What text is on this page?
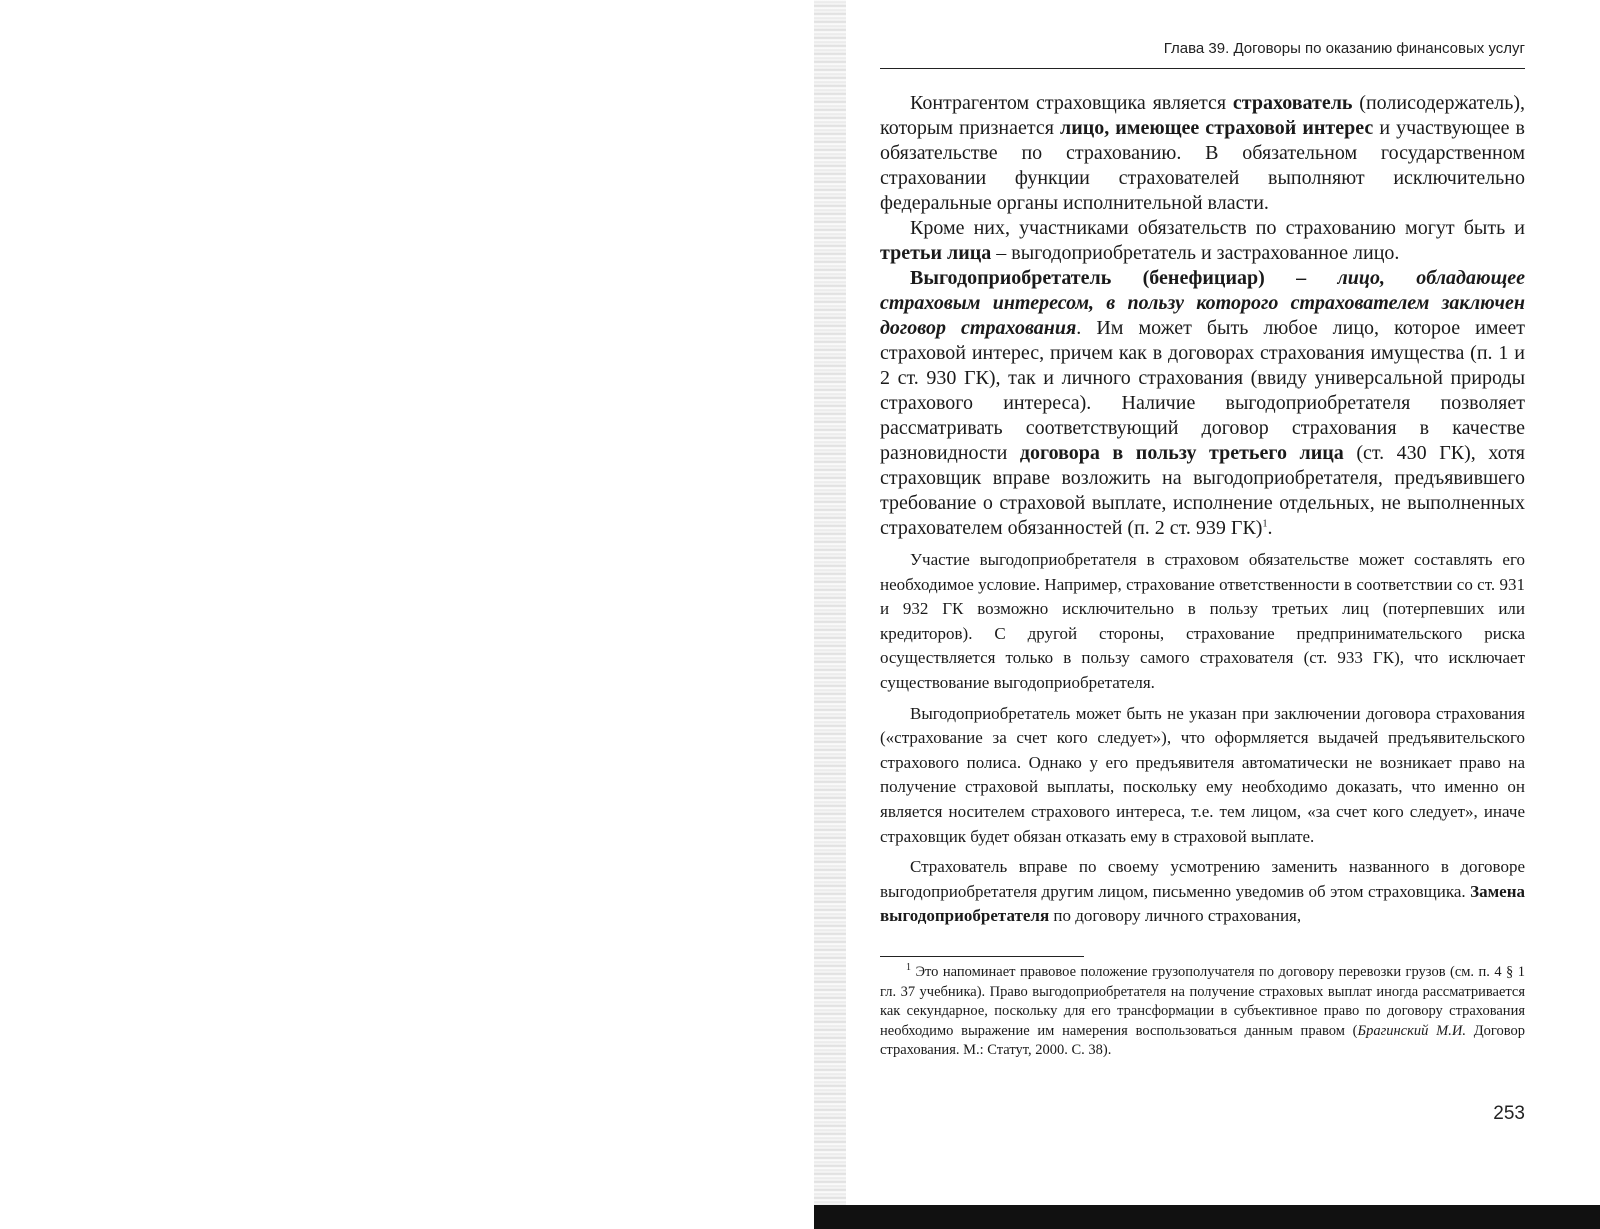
Глава 39. Договоры по оказанию финансовых услуг

Контрагентом страховщика является страхователь (полисодержатель), которым признается лицо, имеющее страховой интерес и участвующее в обязательстве по страхованию. В обязательном государственном страховании функции страхователей выполняют исключительно федеральные органы исполнительной власти.

Кроме них, участниками обязательств по страхованию могут быть и третьи лица – выгодоприобретатель и застрахованное лицо.

Выгодоприобретатель (бенефициар) – лицо, обладающее страховым интересом, в пользу которого страхователем заключен договор страхования. Им может быть любое лицо, которое имеет страховой интерес, причем как в договорах страхования имущества (п. 1 и 2 ст. 930 ГК), так и личного страхования (ввиду универсальной природы страхового интереса). Наличие выгодоприобретателя позволяет рассматривать соответствующий договор страхования в качестве разновидности договора в пользу третьего лица (ст. 430 ГК), хотя страховщик вправе возложить на выгодоприобретателя, предъявившего требование о страховой выплате, исполнение отдельных, не выполненных страхователем обязанностей (п. 2 ст. 939 ГК)$^1$.

Участие выгодоприобретателя в страховом обязательстве может составлять его необходимое условие. Например, страхование ответственности в соответствии со ст. 931 и 932 ГК возможно исключительно в пользу третьих лиц (потерпевших или кредиторов). С другой стороны, страхование предпринимательского риска осуществляется только в пользу самого страхователя (ст. 933 ГК), что исключает существование выгодоприобретателя.

Выгодоприобретатель может быть не указан при заключении договора страхования («страхование за счет кого следует»), что оформляется выдачей предъявительского страхового полиса. Однако у его предъявителя автоматически не возникает право на получение страховой выплаты, поскольку ему необходимо доказать, что именно он является носителем страхового интереса, т.е. тем лицом, «за счет кого следует», иначе страховщик будет обязан отказать ему в страховой выплате.

Страхователь вправе по своему усмотрению заменить названного в договоре выгодоприобретателя другим лицом, письменно уведомив об этом страховщика. Замена выгодоприобретателя по договору личного страхования,

$^1$ Это напоминает правовое положение грузополучателя по договору перевозки грузов (см. п. 4 § 1 гл. 37 учебника). Право выгодоприобретателя на получение страховых выплат иногда рассматривается как секундарное, поскольку для его трансформации в субъективное право по договору страхования необходимо выражение им намерения воспользоваться данным правом (Брагинский М.И. Договор страхования. М.: Статут, 2000. С. 38).

253
